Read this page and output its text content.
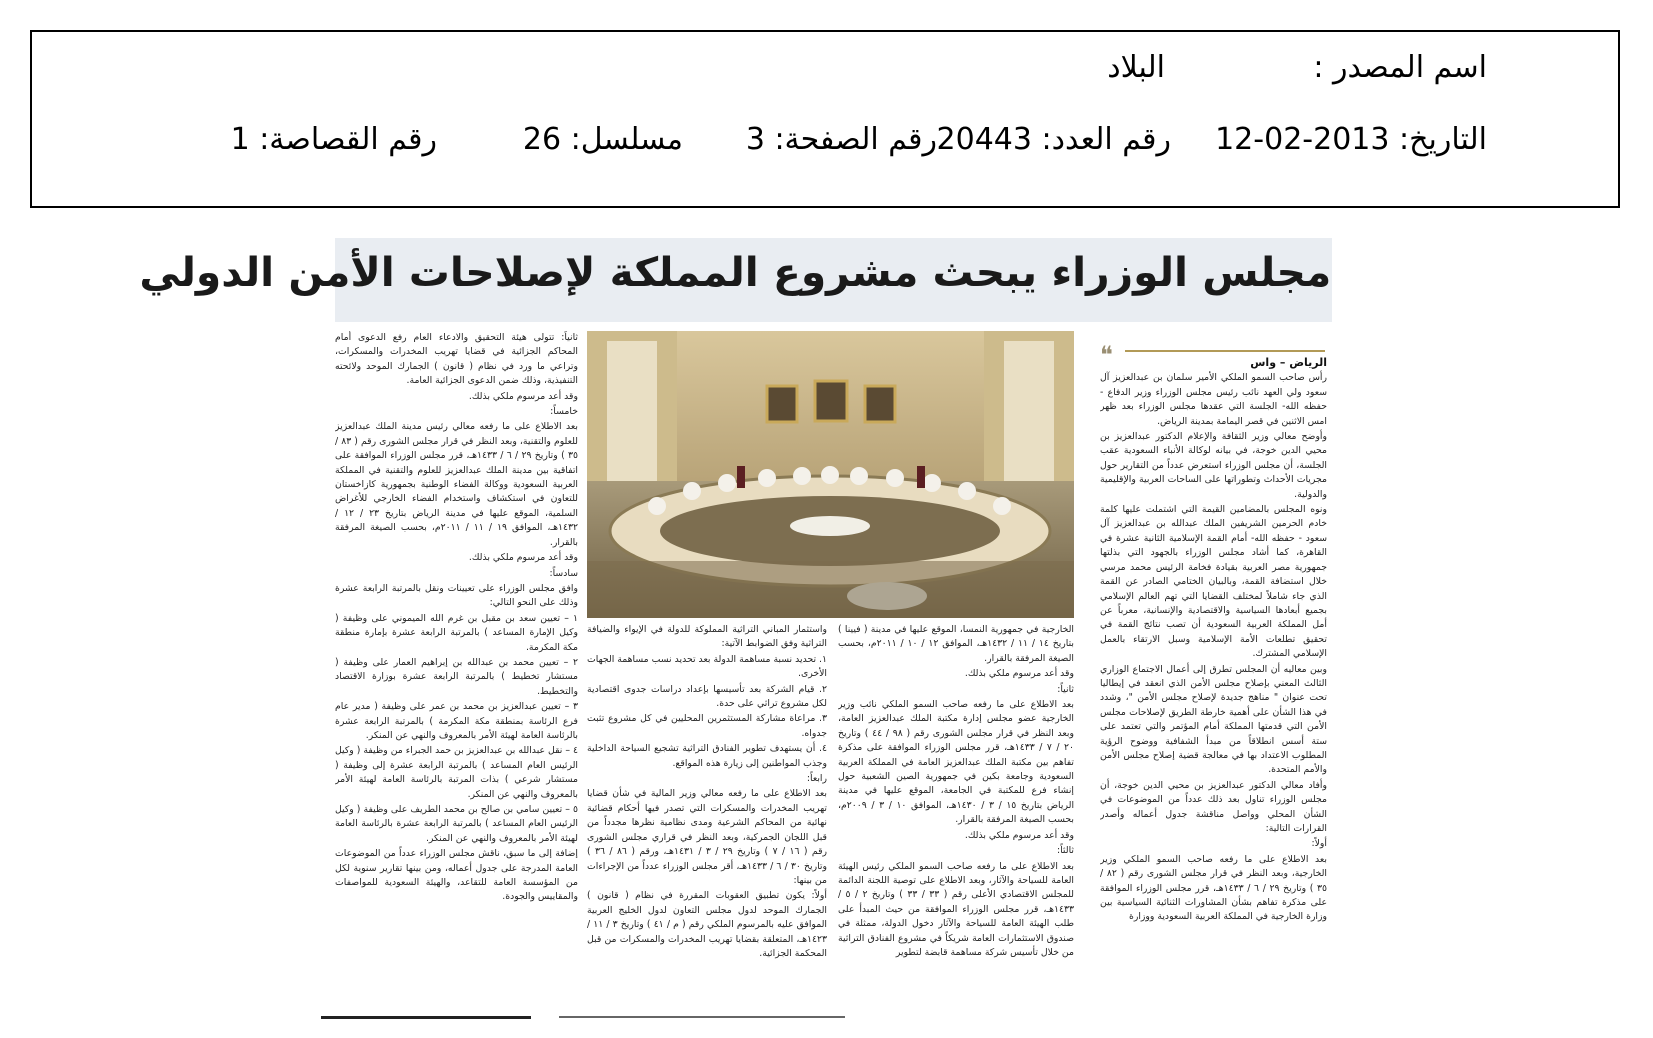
اسم المصدر :
البلاد
التاريخ: 2013-02-12
رقم العدد: 20443
رقم الصفحة: 3
مسلسل: 26
رقم القصاصة: 1
مجلس الوزراء يبحث مشروع المملكة لإصلاحات الأمن الدولي
❝	الرياض – واس

رأس صاحب السمو الملكي الأمير سلمان بن عبدالعزيز آل سعود ولي العهد نائب رئيس مجلس الوزراء وزير الدفاع - حفظه الله- الجلسة التي عقدها مجلس الوزراء بعد ظهر امس الاثنين في قصر اليمامة بمدينة الرياض.

وأوضح معالي وزير الثقافة والإعلام الدكتور عبدالعزيز بن محيي الدين خوجة، في بيانه لوكالة الأنباء السعودية عقب الجلسة، أن مجلس الوزراء استعرض عدداً من التقارير حول مجريات الأحداث وتطوراتها على الساحات العربية والإقليمية والدولية.

ونوه المجلس بالمضامين القيمة التي اشتملت عليها كلمة خادم الحرمين الشريفين الملك عبدالله بن عبدالعزيز آل سعود - حفظه الله- أمام القمة الإسلامية الثانية عشرة في القاهرة، كما أشاد مجلس الوزراء بالجهود التي بذلتها جمهورية مصر العربية بقيادة فخامة الرئيس محمد مرسي خلال استضافة القمة، وبالبيان الختامي الصادر عن القمة الذي جاء شاملاً لمختلف القضايا التي تهم العالم الإسلامي بجميع أبعادها السياسية والاقتصادية والإنسانية، معرباً عن أمل المملكة العربية السعودية أن تصب نتائج القمة في تحقيق تطلعات الأمة الإسلامية وسبل الارتقاء بالعمل الإسلامي المشترك.

وبين معاليه أن المجلس تطرق إلى أعمال الاجتماع الوزاري الثالث المعني بإصلاح مجلس الأمن الذي انعقد في إيطاليا تحت عنوان " مناهج جديدة لإصلاح مجلس الأمن "، وشدد في هذا الشأن على أهمية خارطة الطريق لإصلاحات مجلس الأمن التي قدمتها المملكة أمام المؤتمر والتي تعتمد على ستة أسس انطلاقاً من مبدأ الشفافية ووضوح الرؤية المطلوب الاعتداد بها في معالجة قضية إصلاح مجلس الأمن والأمم المتحدة.

وأفاد معالي الدكتور عبدالعزيز بن محيي الدين خوجة، أن مجلس الوزراء تناول بعد ذلك عدداً من الموضوعات في الشأن المحلي وواصل مناقشة جدول أعماله وأصدر القرارات التالية:

أولاً:

بعد الاطلاع على ما رفعه صاحب السمو الملكي وزير الخارجية، وبعد النظر في قرار مجلس الشورى رقم ( ٨٢ / ٣٥ ) وتاريخ ٢٩ / ٦ / ١٤٣٣هـ، قرر مجلس الوزراء الموافقة على مذكرة تفاهم بشأن المشاورات الثنائية السياسية بين وزارة الخارجية في المملكة العربية السعودية ووزارة

الخارجية في جمهورية النمسا، الموقع عليها في مدينة ( فيينا ) بتاريخ ١٤ / ١١ / ١٤٣٢هـ، الموافق ١٢ / ١٠ / ٢٠١١م، بحسب الصيغة المرفقة بالقرار.

وقد أعد مرسوم ملكي بذلك.

ثانياً:

بعد الاطلاع على ما رفعه صاحب السمو الملكي نائب وزير الخارجية عضو مجلس إدارة مكتبة الملك عبدالعزيز العامة، وبعد النظر في قرار مجلس الشورى رقم ( ٩٨ / ٤٤ ) وتاريخ ٢٠ / ٧ / ١٤٣٣هـ، قرر مجلس الوزراء الموافقة على مذكرة تفاهم بين مكتبة الملك عبدالعزيز العامة في المملكة العربية السعودية وجامعة بكين في جمهورية الصين الشعبية حول إنشاء فرع للمكتبة في الجامعة، الموقع عليها في مدينة الرياض بتاريخ ١٥ / ٣ / ١٤٣٠هـ، الموافق ١٠ / ٣ / ٢٠٠٩م، بحسب الصيغة المرفقة بالقرار.

وقد أعد مرسوم ملكي بذلك.

ثالثاً:

بعد الاطلاع على ما رفعه صاحب السمو الملكي رئيس الهيئة العامة للسياحة والآثار، وبعد الاطلاع على توصية اللجنة الدائمة للمجلس الاقتصادي الأعلى رقم ( ٣٣ / ٣٣ ) وتاريخ ٢ / ٥ / ١٤٣٣هـ، قرر مجلس الوزراء الموافقة من حيث المبدأ على طلب الهيئة العامة للسياحة والآثار دخول الدولة، ممثلة في صندوق الاستثمارات العامة شريكاً في مشروع الفنادق التراثية من خلال تأسيس شركة مساهمة قابضة لتطوير

واستثمار المباني التراثية المملوكة للدولة في الإيواء والضيافة التراثية وفق الضوابط الآتية:

١. تحديد نسبة مساهمة الدولة بعد تحديد نسب مساهمة الجهات الأخرى.

٢. قيام الشركة بعد تأسيسها بإعداد دراسات جدوى اقتصادية لكل مشروع تراثي على حدة.

٣. مراعاة مشاركة المستثمرين المحليين في كل مشروع تثبت جدواه.

٤. أن يستهدف تطوير الفنادق التراثية تشجيع السياحة الداخلية وجذب المواطنين إلى زيارة هذه المواقع.

رابعاً:

بعد الاطلاع على ما رفعه معالي وزير المالية في شأن قضايا تهريب المخدرات والمسكرات التي تصدر فيها أحكام قضائية نهائية من المحاكم الشرعية ومدى نظامية نظرها مجدداً من قبل اللجان الجمركية، وبعد النظر في قراري مجلس الشورى رقم ( ١٦ / ٧ ) وتاريخ ٢٩ / ٣ / ١٤٣١هـ، ورقم ( ٨٦ / ٣٦ ) وتاريخ ٣٠ / ٦ / ١٤٣٣هـ، أقر مجلس الوزراء عدداً من الإجراءات من بينها:

أولاً: يكون تطبيق العقوبات المقررة في نظام ( قانون ) الجمارك الموحد لدول مجلس التعاون لدول الخليج العربية الموافق عليه بالمرسوم الملكي رقم ( م / ٤١ ) وتاريخ ٣ / ١١ / ١٤٢٣هـ، المتعلقة بقضايا تهريب المخدرات والمسكرات من قبل المحكمة الجزائية.

ثانياً: تتولى هيئة التحقيق والادعاء العام رفع الدعوى أمام المحاكم الجزائية في قضايا تهريب المخدرات والمسكرات، وتراعي ما ورد في نظام ( قانون ) الجمارك الموحد ولائحته التنفيذية، وذلك ضمن الدعوى الجزائية العامة.

وقد أعد مرسوم ملكي بذلك.

خامساً:

بعد الاطلاع على ما رفعه معالي رئيس مدينة الملك عبدالعزيز للعلوم والتقنية، وبعد النظر في قرار مجلس الشورى رقم ( ٨٣ / ٣٥ ) وتاريخ ٢٩ / ٦ / ١٤٣٣هـ، قرر مجلس الوزراء الموافقة على اتفاقية بين مدينة الملك عبدالعزيز للعلوم والتقنية في المملكة العربية السعودية ووكالة الفضاء الوطنية بجمهورية كازاخستان للتعاون في استكشاف واستخدام الفضاء الخارجي للأغراض السلمية، الموقع عليها في مدينة الرياض بتاريخ ٢٣ / ١٢ / ١٤٣٢هـ، الموافق ١٩ / ١١ / ٢٠١١م، بحسب الصيغة المرفقة بالقرار.

وقد أعد مرسوم ملكي بذلك.

سادساً:

وافق مجلس الوزراء على تعيينات ونقل بالمرتبة الرابعة عشرة وذلك على النحو التالي:

١ – تعيين سعد بن مقبل بن غرم الله الميموني على وظيفة ( وكيل الإمارة المساعد ) بالمرتبة الرابعة عشرة بإمارة منطقة مكة المكرمة.

٢ – تعيين محمد بن عبدالله بن إبراهيم العمار على وظيفة ( مستشار تخطيط ) بالمرتبة الرابعة عشرة بوزارة الاقتصاد والتخطيط.

٣ – تعيين عبدالعزيز بن محمد بن عمر على وظيفة ( مدير عام فرع الرئاسة بمنطقة مكة المكرمة ) بالمرتبة الرابعة عشرة بالرئاسة العامة لهيئة الأمر بالمعروف والنهي عن المنكر.

٤ – نقل عبدالله بن عبدالعزيز بن حمد الجبراء من وظيفة ( وكيل الرئيس العام المساعد ) بالمرتبة الرابعة عشرة إلى وظيفة ( مستشار شرعي ) بذات المرتبة بالرئاسة العامة لهيئة الأمر بالمعروف والنهي عن المنكر.

٥ – تعيين سامي بن صالح بن محمد الطريف على وظيفة ( وكيل الرئيس العام المساعد ) بالمرتبة الرابعة عشرة بالرئاسة العامة لهيئة الأمر بالمعروف والنهي عن المنكر.

إضافة إلى ما سبق، ناقش مجلس الوزراء عدداً من الموضوعات العامة المدرجة على جدول أعماله، ومن بينها تقارير سنوية لكل من المؤسسة العامة للتقاعد، والهيئة السعودية للمواصفات والمقاييس والجودة.
